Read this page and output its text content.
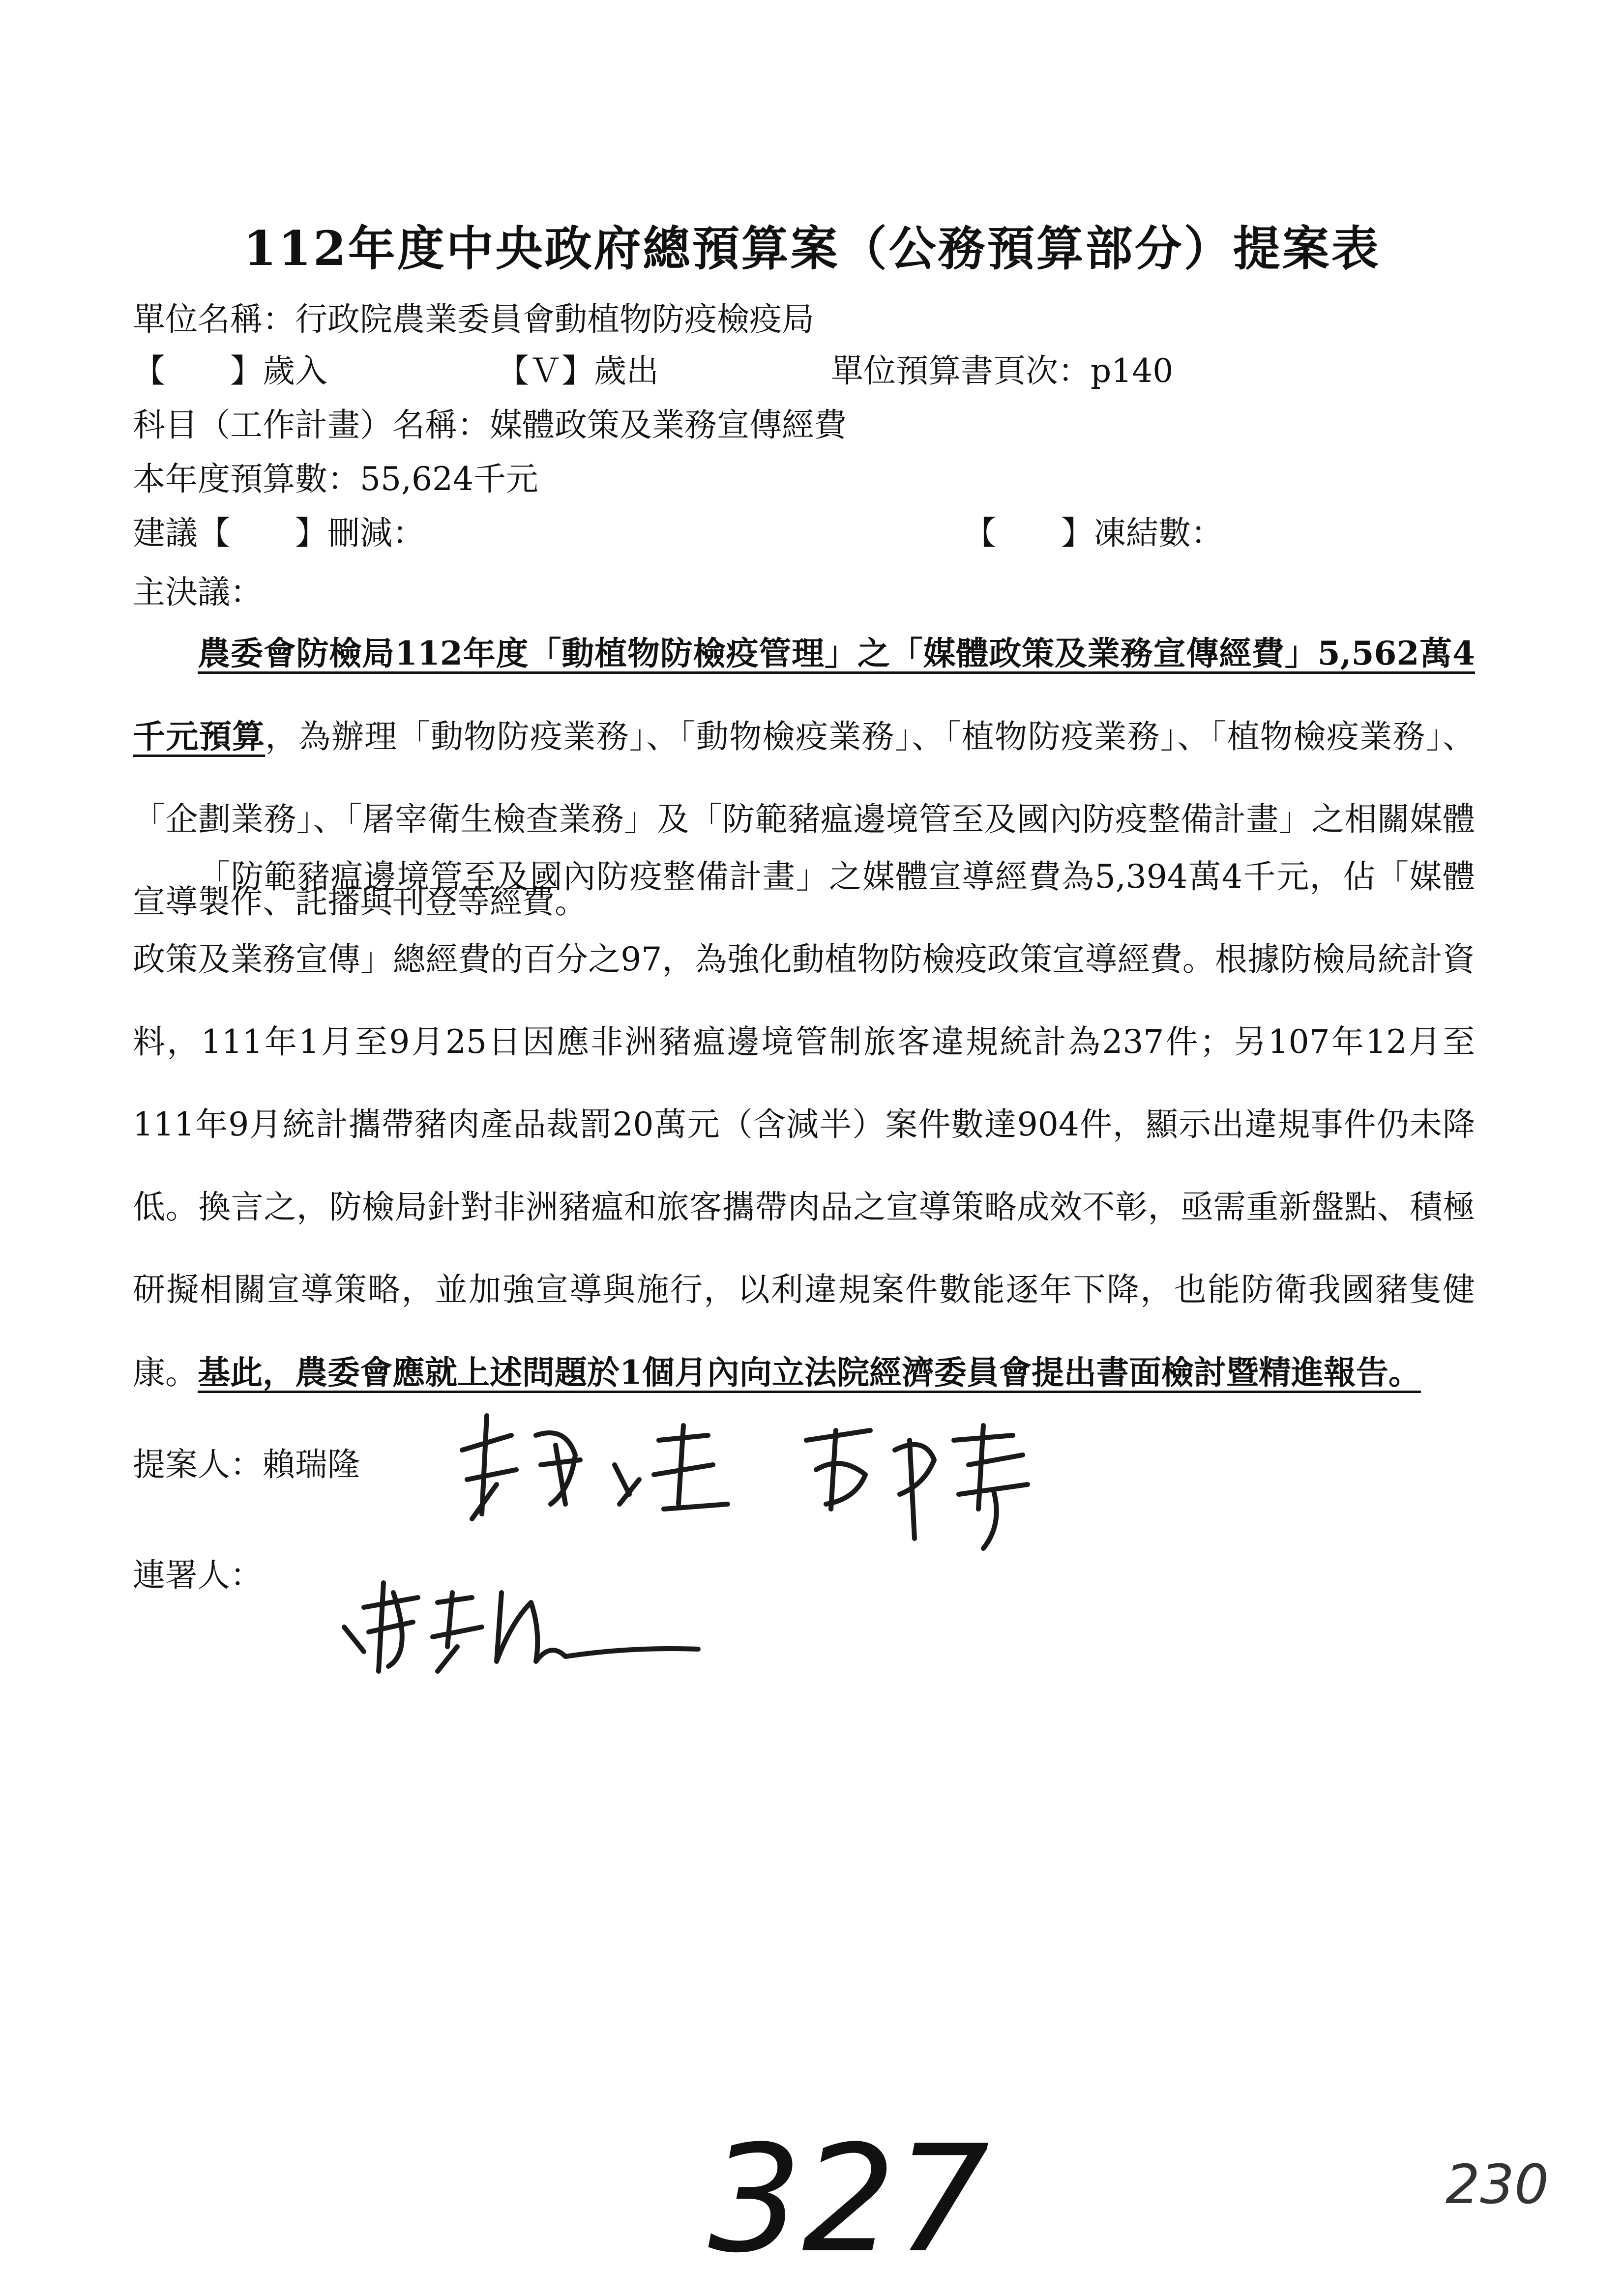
112年度中央政府總預算案（公務預算部分）提案表
單位名稱：行政院農業委員會動植物防疫檢疫局
【　　】歲入	【Ｖ】歲出	單位預算書頁次：p140
科目（工作計畫）名稱：媒體政策及業務宣傳經費
本年度預算數：55,624千元
建議【　　】刪減：	【　　】凍結數：
主決議：

農委會防檢局112年度「動植物防檢疫管理」之「媒體政策及業務宣傳經費」5,562萬4千元預算，為辦理「動物防疫業務」、「動物檢疫業務」、「植物防疫業務」、「植物檢疫業務」、「企劃業務」、「屠宰衛生檢查業務」及「防範豬瘟邊境管至及國內防疫整備計畫」之相關媒體宣導製作、託播與刊登等經費。

「防範豬瘟邊境管至及國內防疫整備計畫」之媒體宣導經費為5,394萬4千元，佔「媒體政策及業務宣傳」總經費的百分之97，為強化動植物防檢疫政策宣導經費。根據防檢局統計資料，111年1月至9月25日因應非洲豬瘟邊境管制旅客違規統計為237件；另107年12月至111年9月統計攜帶豬肉產品裁罰20萬元（含減半）案件數達904件，顯示出違規事件仍未降低。換言之，防檢局針對非洲豬瘟和旅客攜帶肉品之宣導策略成效不彰，亟需重新盤點、積極研擬相關宣導策略，並加強宣導與施行，以利違規案件數能逐年下降，也能防衛我國豬隻健康。基此，農委會應就上述問題於1個月內向立法院經濟委員會提出書面檢討暨精進報告。

提案人：賴瑞隆
連署人：
327	230
